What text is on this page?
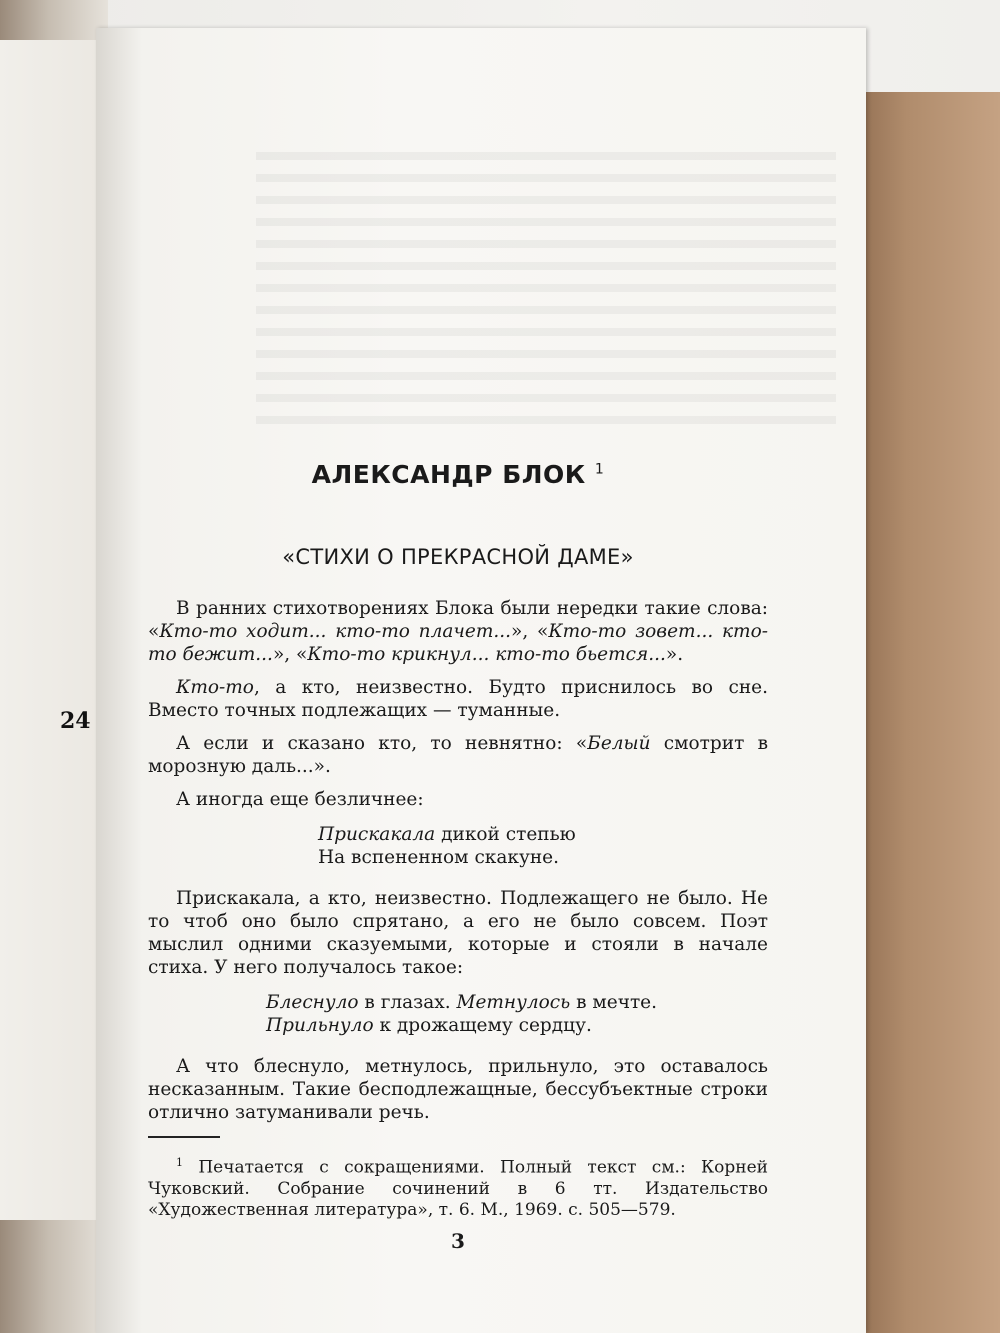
24
АЛЕКСАНДР БЛОК $^1$
«СТИХИ О ПРЕКРАСНОЙ ДАМЕ»

В ранних стихотворениях Блока были нередки такие слова: «Кто-то ходит... кто-то плачет...», «Кто-то зовет... кто-то бежит...», «Кто-то крикнул... кто-то бьется...».

Кто-то, а кто, неизвестно. Будто приснилось во сне. Вместо точных подлежащих — туманные.

А если и сказано кто, то невнятно: «Белый смотрит в морозную даль...».

А иногда еще безличнее:

Прискакала дикой степью
На вспененном скакуне.

Прискакала, а кто, неизвестно. Подлежащего не было. Не то чтоб оно было спрятано, а его не было совсем. Поэт мыслил одними сказуемыми, которые и стояли в начале стиха. У него получалось такое:

Блеснуло в глазах. Метнулось в мечте.
Прильнуло к дрожащему сердцу.

А что блеснуло, метнулось, прильнуло, это оставалось несказанным. Такие бесподлежащные, бессубъектные строки отлично затуманивали речь.

$^1$ Печатается с сокращениями. Полный текст см.: Корней Чуковский. Собрание сочинений в 6 тт. Издательство «Художественная литература», т. 6. М., 1969. с. 505—579.

3
